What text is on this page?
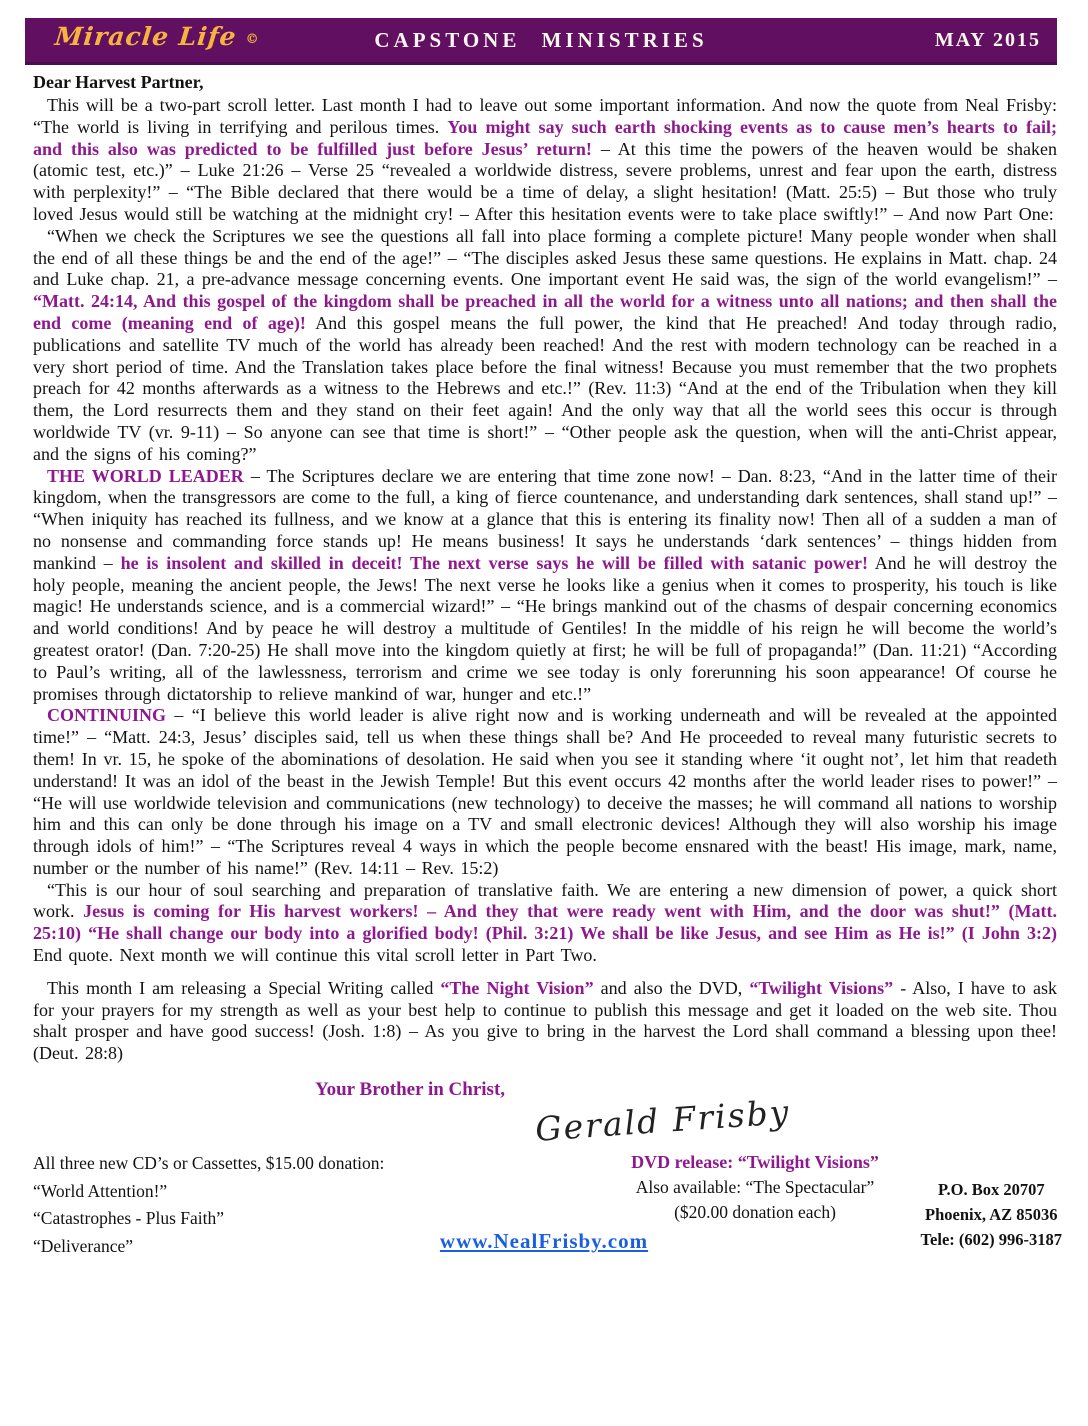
Miracle Life ©	CAPSTONE MINISTRIES	MAY 2015
Dear Harvest Partner,

This will be a two-part scroll letter. Last month I had to leave out some important information. And now the quote from Neal Frisby: “The world is living in terrifying and perilous times. You might say such earth shocking events as to cause men’s hearts to fail; and this also was predicted to be fulfilled just before Jesus’ return! – At this time the powers of the heaven would be shaken (atomic test, etc.)” – Luke 21:26 – Verse 25 “revealed a worldwide distress, severe problems, unrest and fear upon the earth, distress with perplexity!” – “The Bible declared that there would be a time of delay, a slight hesitation! (Matt. 25:5) – But those who truly loved Jesus would still be watching at the midnight cry! – After this hesitation events were to take place swiftly!” – And now Part One:

“When we check the Scriptures we see the questions all fall into place forming a complete picture! Many people wonder when shall the end of all these things be and the end of the age!” – “The disciples asked Jesus these same questions. He explains in Matt. chap. 24 and Luke chap. 21, a pre-advance message concerning events. One important event He said was, the sign of the world evangelism!” – “Matt. 24:14, And this gospel of the kingdom shall be preached in all the world for a witness unto all nations; and then shall the end come (meaning end of age)! And this gospel means the full power, the kind that He preached! And today through radio, publications and satellite TV much of the world has already been reached! And the rest with modern technology can be reached in a very short period of time. And the Translation takes place before the final witness! Because you must remember that the two prophets preach for 42 months afterwards as a witness to the Hebrews and etc.!” (Rev. 11:3) “And at the end of the Tribulation when they kill them, the Lord resurrects them and they stand on their feet again! And the only way that all the world sees this occur is through worldwide TV (vr. 9-11) – So anyone can see that time is short!” – “Other people ask the question, when will the anti-Christ appear, and the signs of his coming?”

THE WORLD LEADER – The Scriptures declare we are entering that time zone now! – Dan. 8:23, “And in the latter time of their kingdom, when the transgressors are come to the full, a king of fierce countenance, and understanding dark sentences, shall stand up!” – “When iniquity has reached its fullness, and we know at a glance that this is entering its finality now! Then all of a sudden a man of no nonsense and commanding force stands up! He means business! It says he understands ‘dark sentences’ – things hidden from mankind – he is insolent and skilled in deceit! The next verse says he will be filled with satanic power! And he will destroy the holy people, meaning the ancient people, the Jews! The next verse he looks like a genius when it comes to prosperity, his touch is like magic! He understands science, and is a commercial wizard!” – “He brings mankind out of the chasms of despair concerning economics and world conditions! And by peace he will destroy a multitude of Gentiles! In the middle of his reign he will become the world’s greatest orator! (Dan. 7:20-25) He shall move into the kingdom quietly at first; he will be full of propaganda!” (Dan. 11:21) “According to Paul’s writing, all of the lawlessness, terrorism and crime we see today is only forerunning his soon appearance! Of course he promises through dictatorship to relieve mankind of war, hunger and etc.!”

CONTINUING – “I believe this world leader is alive right now and is working underneath and will be revealed at the appointed time!” – “Matt. 24:3, Jesus’ disciples said, tell us when these things shall be? And He proceeded to reveal many futuristic secrets to them! In vr. 15, he spoke of the abominations of desolation. He said when you see it standing where ‘it ought not’, let him that readeth understand! It was an idol of the beast in the Jewish Temple! But this event occurs 42 months after the world leader rises to power!” – “He will use worldwide television and communications (new technology) to deceive the masses; he will command all nations to worship him and this can only be done through his image on a TV and small electronic devices! Although they will also worship his image through idols of him!” – “The Scriptures reveal 4 ways in which the people become ensnared with the beast! His image, mark, name, number or the number of his name!” (Rev. 14:11 – Rev. 15:2)

“This is our hour of soul searching and preparation of translative faith. We are entering a new dimension of power, a quick short work. Jesus is coming for His harvest workers! – And they that were ready went with Him, and the door was shut!” (Matt. 25:10) “He shall change our body into a glorified body! (Phil. 3:21) We shall be like Jesus, and see Him as He is!” (I John 3:2) End quote. Next month we will continue this vital scroll letter in Part Two.

This month I am releasing a Special Writing called “The Night Vision” and also the DVD, “Twilight Visions” - Also, I have to ask for your prayers for my strength as well as your best help to continue to publish this message and get it loaded on the web site. Thou shalt prosper and have good success! (Josh. 1:8) – As you give to bring in the harvest the Lord shall command a blessing upon thee! (Deut. 28:8)

Your Brother in Christ,
Gerald Frisby
All three new CD’s or Cassettes, $15.00 donation:
“World Attention!”
“Catastrophes - Plus Faith”
“Deliverance”
DVD release: “Twilight Visions”
Also available: “The Spectacular”
($20.00 donation each)
www.NealFrisby.com
P.O. Box 20707
Phoenix, AZ 85036
Tele: (602) 996-3187
